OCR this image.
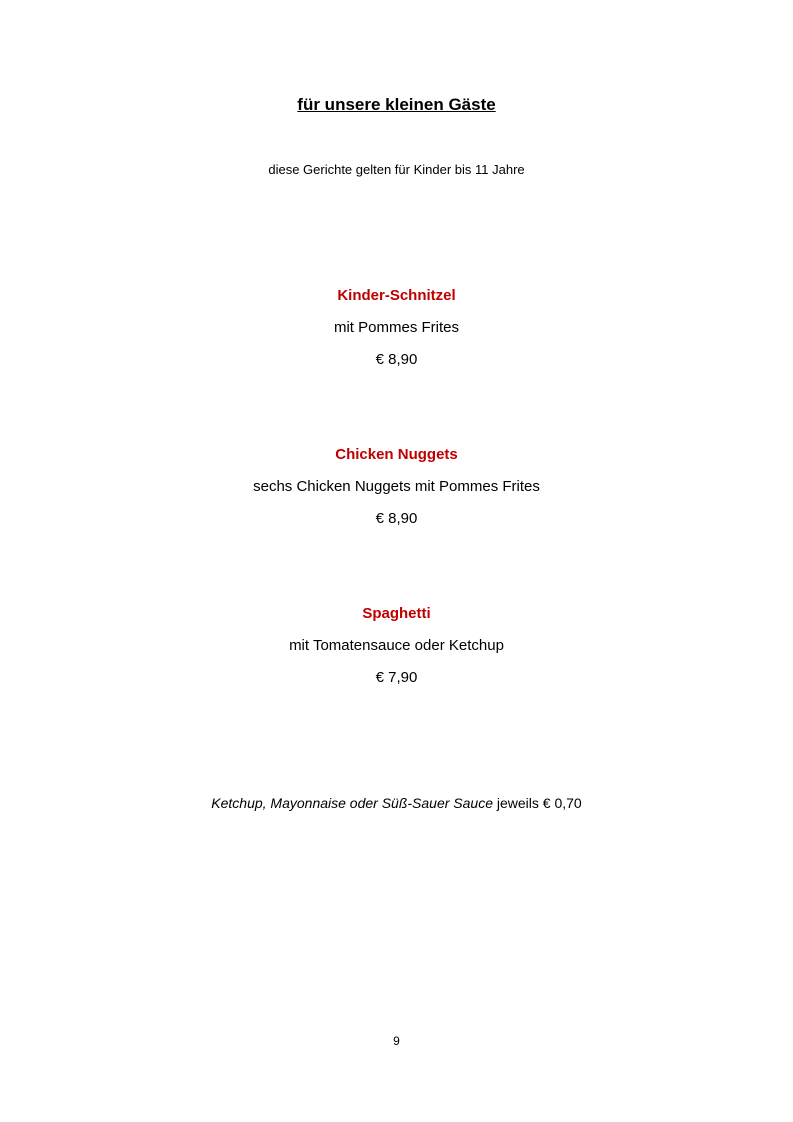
für unsere kleinen Gäste
diese Gerichte gelten für Kinder bis 11 Jahre
Kinder-Schnitzel
mit Pommes Frites
€ 8,90
Chicken Nuggets
sechs Chicken Nuggets mit Pommes Frites
€ 8,90
Spaghetti
mit Tomatensauce oder Ketchup
€ 7,90
Ketchup, Mayonnaise oder Süß-Sauer Sauce jeweils € 0,70
9
